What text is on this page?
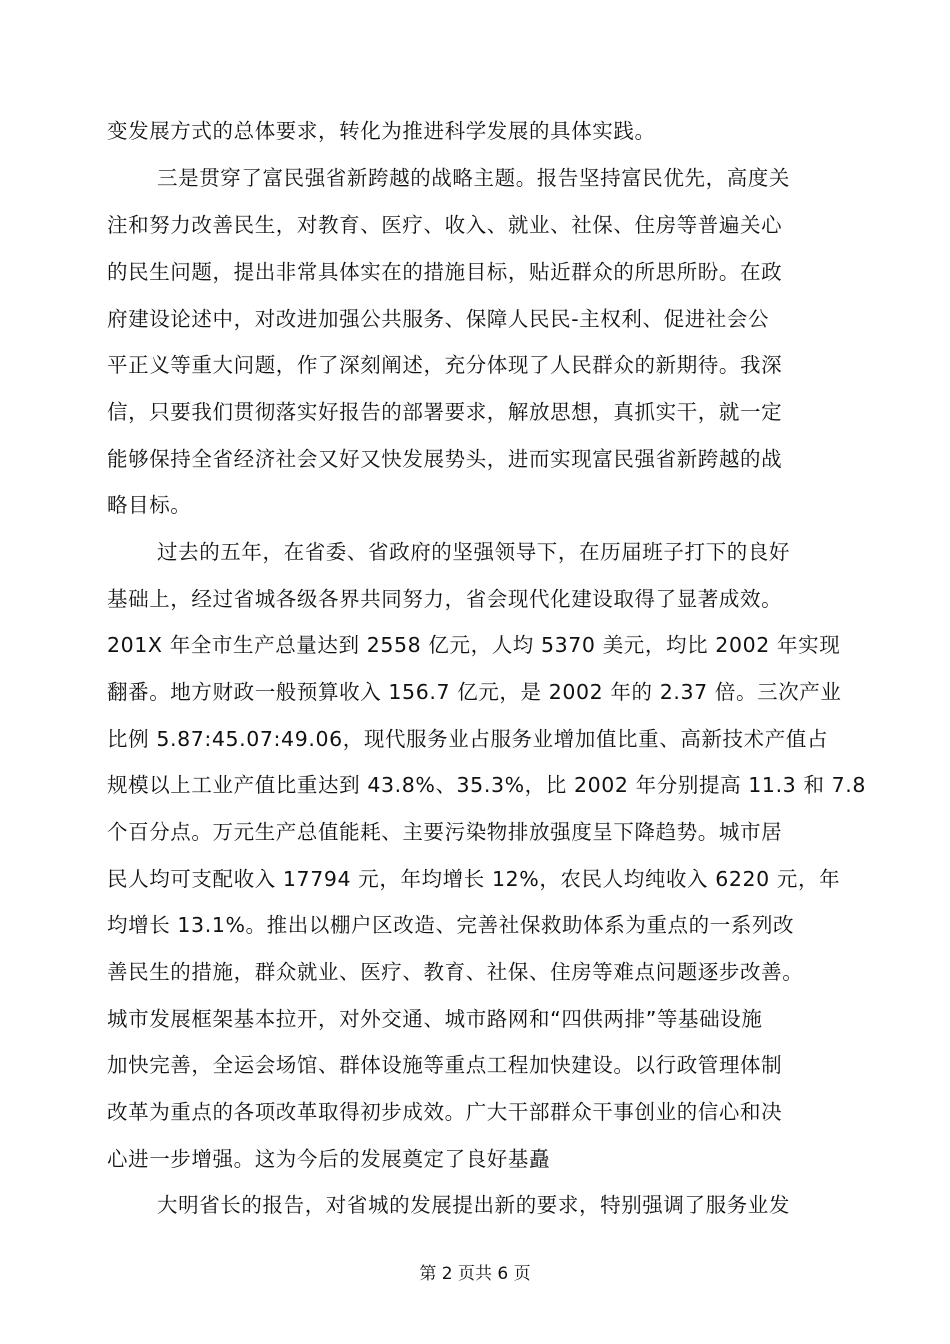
变发展方式的总体要求，转化为推进科学发展的具体实践。
三是贯穿了富民强省新跨越的战略主题。报告坚持富民优先，高度关
注和努力改善民生，对教育、医疗、收入、就业、社保、住房等普遍关心
的民生问题，提出非常具体实在的措施目标，贴近群众的所思所盼。在政
府建设论述中，对改进加强公共服务、保障人民民-主权利、促进社会公
平正义等重大问题，作了深刻阐述，充分体现了人民群众的新期待。我深
信，只要我们贯彻落实好报告的部署要求，解放思想，真抓实干，就一定
能够保持全省经济社会又好又快发展势头，进而实现富民强省新跨越的战
略目标。
过去的五年，在省委、省政府的坚强领导下，在历届班子打下的良好
基础上，经过省城各级各界共同努力，省会现代化建设取得了显著成效。
201X 年全市生产总量达到 2558 亿元，人均 5370 美元，均比 2002 年实现
翻番。地方财政一般预算收入 156.7 亿元，是 2002 年的 2.37 倍。三次产业
比例 5.87:45.07:49.06，现代服务业占服务业增加值比重、高新技术产值占
规模以上工业产值比重达到 43.8%、35.3%，比 2002 年分别提高 11.3 和 7.8
个百分点。万元生产总值能耗、主要污染物排放强度呈下降趋势。城市居
民人均可支配收入 17794 元，年均增长 12%，农民人均纯收入 6220 元，年
均增长 13.1%。推出以棚户区改造、完善社保救助体系为重点的一系列改
善民生的措施，群众就业、医疗、教育、社保、住房等难点问题逐步改善。
城市发展框架基本拉开，对外交通、城市路网和“四供两排”等基础设施
加快完善，全运会场馆、群体设施等重点工程加快建设。以行政管理体制
改革为重点的各项改革取得初步成效。广大干部群众干事创业的信心和决
心进一步增强。这为今后的发展奠定了良好基矗
大明省长的报告，对省城的发展提出新的要求，特别强调了服务业发
第 2 页共 6 页
